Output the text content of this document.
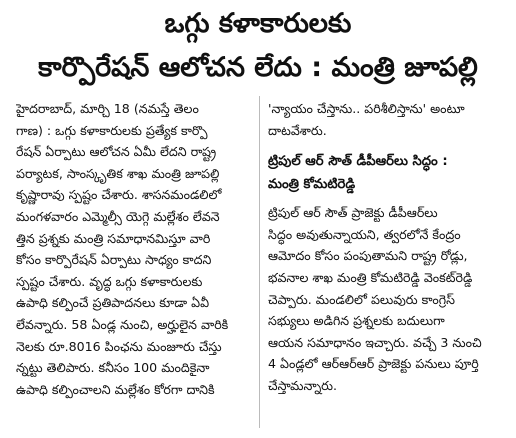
ఒగ్గు కళాకారులకు
కార్పొరేషన్ ఆలోచన లేదు : మంత్రి జూపల్లి
హైదరాబాద్, మార్చి 18 (నమస్తే తెలం
గాణ) : ఒగ్గు కళాకారులకు ప్రత్యేక కార్పొ
రేషన్ ఏర్పాటు ఆలోచన ఏమీ లేదని రాష్ట్ర
పర్యాటక, సాంస్కృతిక శాఖ మంత్రి జూపల్లి
కృష్ణారావు స్పష్టం చేశారు. శాసనమండలిలో
మంగళవారం ఎమ్మెల్సీ యెగ్గె మల్లేశం లేవనె
త్తిన ప్రశ్నకు మంత్రి సమాధానమిస్తూ వారి
కోసం కార్పొరేషన్ ఏర్పాటు సాధ్యం కాదని
స్పష్టం చేశారు. వృద్ధ ఒగ్గు కళాకారులకు
ఉపాధి కల్పించే ప్రతిపాదనలు కూడా ఏవీ
లేవన్నారు. 58 ఏండ్ల నుంచి, అర్హులైన వారికి
నెలకు రూ.8016 పింఛను మంజూరు చేస్తు
న్నట్టు తెలిపారు. కనీసం 100 మందికైనా
ఉపాధి కల్పించాలని మల్లేశం కోరగా దానికి
'న్యాయం చేస్తాను.. పరిశీలిస్తాను' అంటూ
దాటవేశారు.
ట్రిపుల్ ఆర్ సౌత్ డీపీఆర్‌లు సిద్ధం :
మంత్రి కోమటిరెడ్డి
ట్రిపుల్ ఆర్ సౌత్ ప్రాజెక్టు డీపీఆర్‌లు
సిద్ధం అవుతున్నాయని, త్వరలోనే కేంద్రం
ఆమోదం కోసం పంపుతామని రాష్ట్ర రోడ్లు,
భవనాల శాఖ మంత్రి కోమటిరెడ్డి వెంకట్‌రెడ్డి
చెప్పారు. మండలిలో పలువురు కాంగ్రెస్
సభ్యులు అడిగిన ప్రశ్నలకు బదులుగా
ఆయన సమాధానం ఇచ్చారు. వచ్చే 3 నుంచి
4 ఏండ్లలో ఆర్‌ఆర్‌ఆర్ ప్రాజెక్టు పనులు పూర్తి
చేస్తామన్నారు.
